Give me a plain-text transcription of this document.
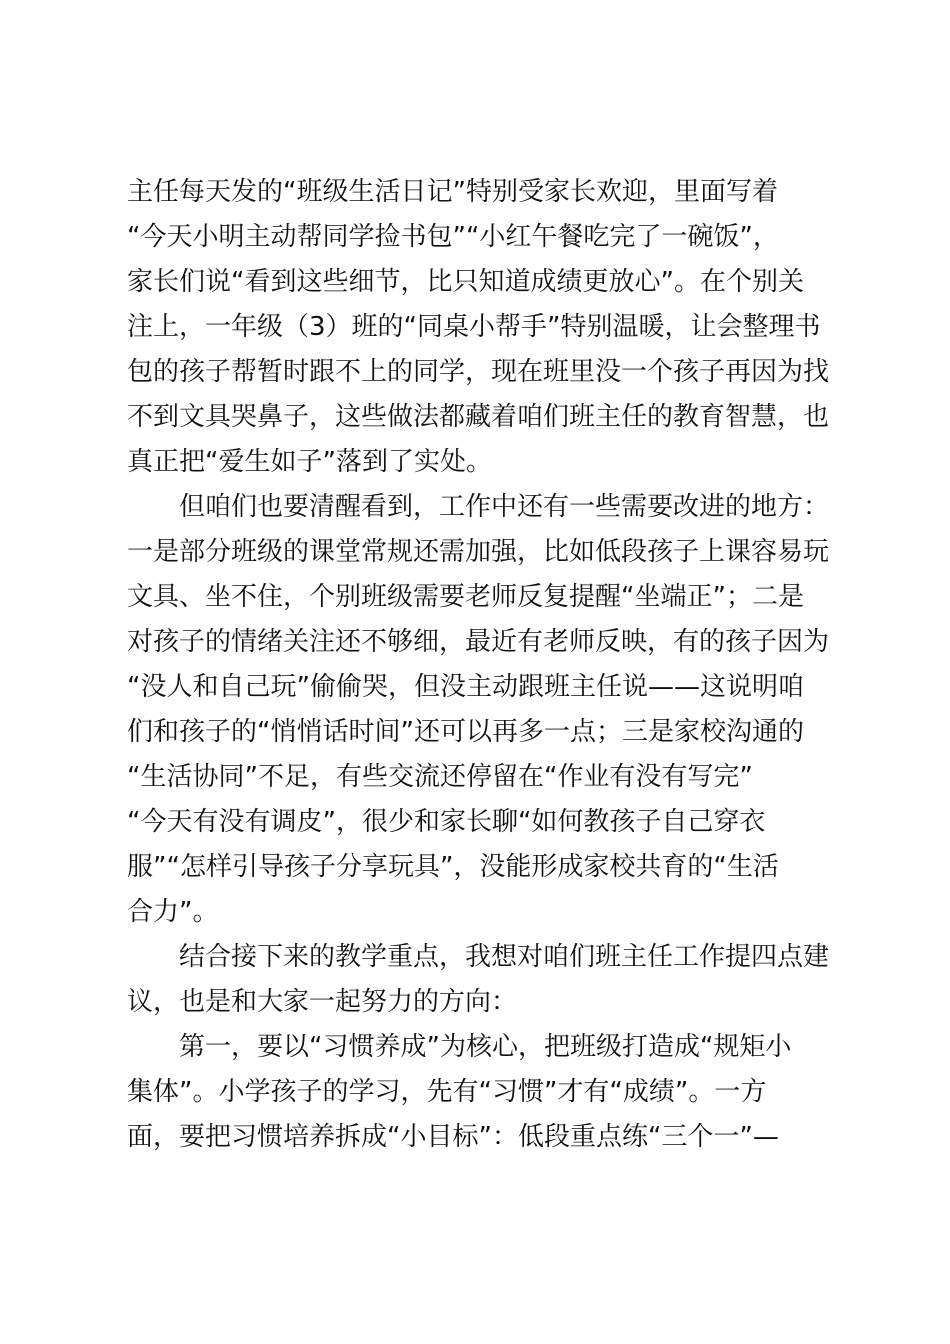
主任每天发的“班级生活日记”特别受家长欢迎，里面写着
“今天小明主动帮同学捡书包”“小红午餐吃完了一碗饭”，
家长们说“看到这些细节，比只知道成绩更放心”。在个别关
注上，一年级（3）班的“同桌小帮手”特别温暖，让会整理书
包的孩子帮暂时跟不上的同学，现在班里没一个孩子再因为找
不到文具哭鼻子，这些做法都藏着咱们班主任的教育智慧，也
真正把“爱生如子”落到了实处。
　　但咱们也要清醒看到，工作中还有一些需要改进的地方：
一是部分班级的课堂常规还需加强，比如低段孩子上课容易玩
文具、坐不住，个别班级需要老师反复提醒“坐端正”；二是
对孩子的情绪关注还不够细，最近有老师反映，有的孩子因为
“没人和自己玩”偷偷哭，但没主动跟班主任说——这说明咱
们和孩子的“悄悄话时间”还可以再多一点；三是家校沟通的
“生活协同”不足，有些交流还停留在“作业有没有写完”
“今天有没有调皮”，很少和家长聊“如何教孩子自己穿衣
服”“怎样引导孩子分享玩具”，没能形成家校共育的“生活
合力”。
　　结合接下来的教学重点，我想对咱们班主任工作提四点建
议，也是和大家一起努力的方向：
　　第一，要以“习惯养成”为核心，把班级打造成“规矩小
集体”。小学孩子的学习，先有“习惯”才有“成绩”。一方
面，要把习惯培养拆成“小目标”：低段重点练“三个一”—
